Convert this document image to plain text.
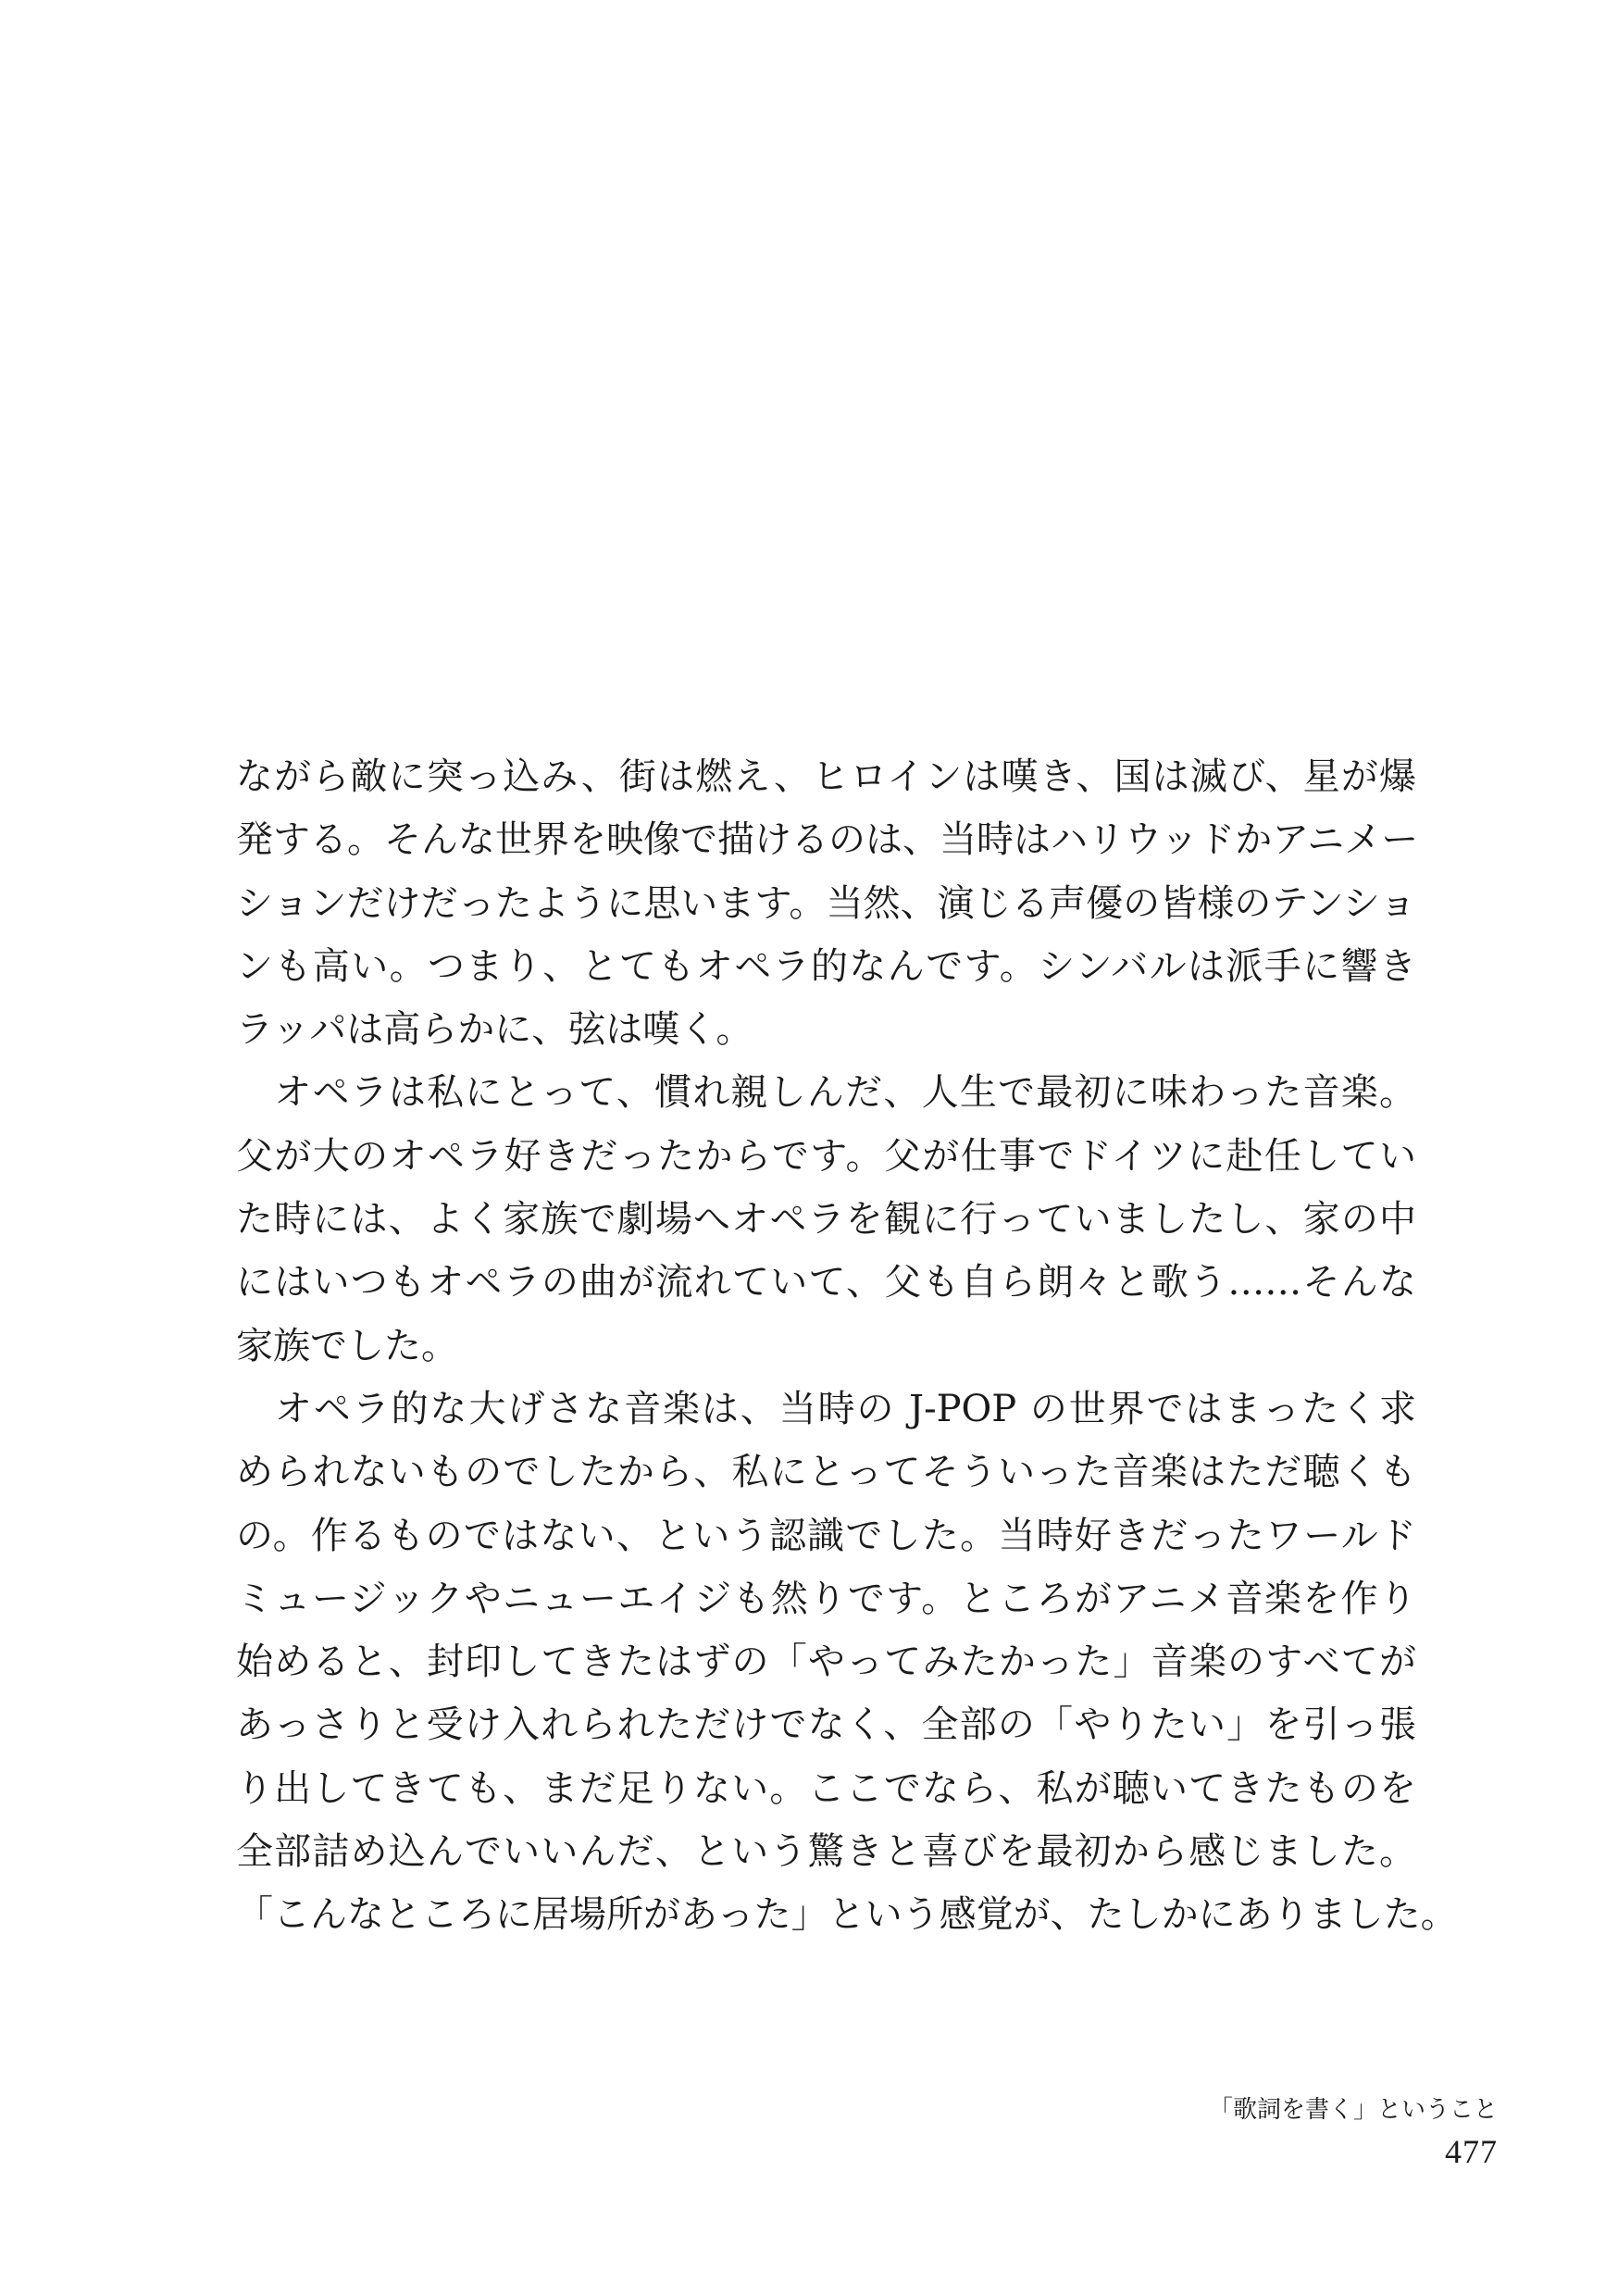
ながら敵に突っ込み、街は燃え、ヒロインは嘆き、国は滅び、星が爆
発する。そんな世界を映像で描けるのは、当時はハリウッドかアニメー
ションだけだったように思います。当然、演じる声優の皆様のテンショ
ンも高い。つまり、とてもオペラ的なんです。シンバルは派手に響き
ラッパは高らかに、弦は嘆く。
　オペラは私にとって、慣れ親しんだ、人生で最初に味わった音楽。
父が大のオペラ好きだったからです。父が仕事でドイツに赴任してい
た時には、よく家族で劇場へオペラを観に行っていましたし、家の中
にはいつもオペラの曲が流れていて、父も自ら朗々と歌う……そんな
家族でした。
　オペラ的な大げさな音楽は、当時の J-POP の世界ではまったく求
められないものでしたから、私にとってそういった音楽はただ聴くも
の。作るものではない、という認識でした。当時好きだったワールド
ミュージックやニューエイジも然りです。ところがアニメ音楽を作り
始めると、封印してきたはずの「やってみたかった」音楽のすべてが
あっさりと受け入れられただけでなく、全部の「やりたい」を引っ張
り出してきても、まだ足りない。ここでなら、私が聴いてきたものを
全部詰め込んでいいんだ、という驚きと喜びを最初から感じました。
「こんなところに居場所があった」という感覚が、たしかにありました。
「歌詞を書く」ということ
477
